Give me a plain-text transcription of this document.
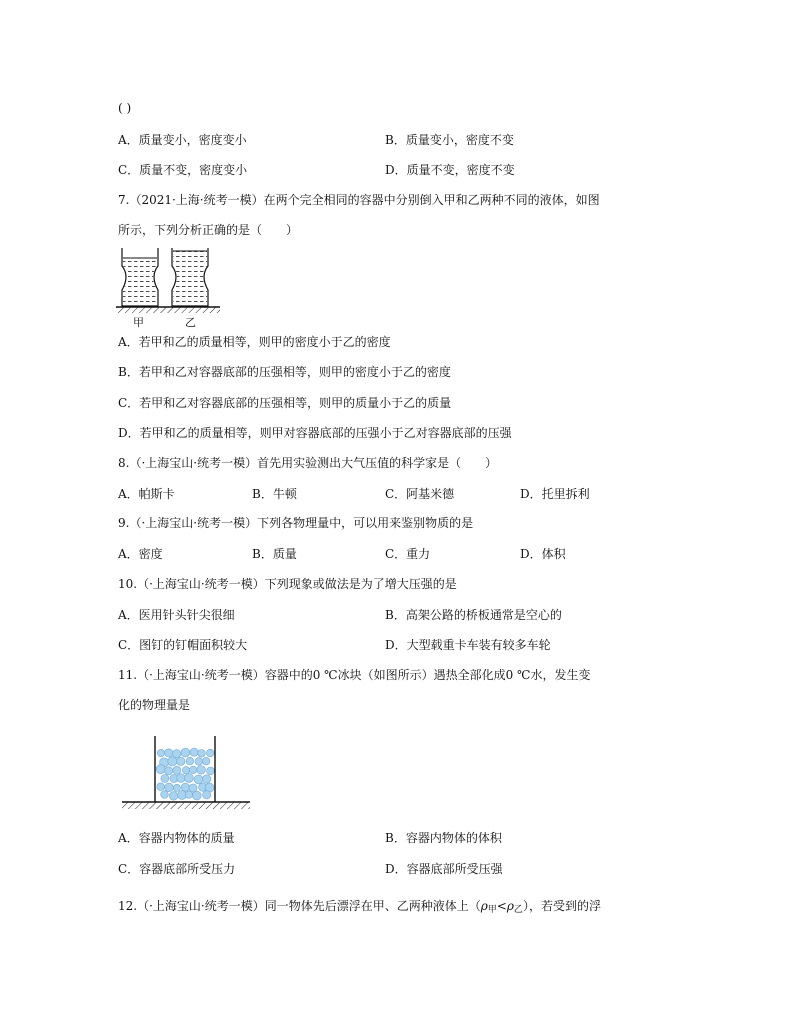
( )
A．质量变小，密度变小	B．质量变小，密度不变
C．质量不变，密度变小	D．质量不变，密度不变
7.（2021·上海·统考一模）在两个完全相同的容器中分别倒入甲和乙两种不同的液体，如图
所示，下列分析正确的是（　　）
甲	乙
A．若甲和乙的质量相等，则甲的密度小于乙的密度
B．若甲和乙对容器底部的压强相等，则甲的密度小于乙的密度
C．若甲和乙对容器底部的压强相等，则甲的质量小于乙的质量
D．若甲和乙的质量相等，则甲对容器底部的压强小于乙对容器底部的压强
8.（·上海宝山·统考一模）首先用实验测出大气压值的科学家是（　　）
A．帕斯卡	B．牛顿	C．阿基米德	D．托里拆利
9.（·上海宝山·统考一模）下列各物理量中，可以用来鉴别物质的是
A．密度	B．质量	C．重力	D．体积
10.（·上海宝山·统考一模）下列现象或做法是为了增大压强的是
A．医用针头针尖很细	B．高架公路的桥板通常是空心的
C．图钉的钉帽面积较大	D．大型载重卡车装有较多车轮
11.（·上海宝山·统考一模）容器中的0 ℃冰块（如图所示）遇热全部化成0 ℃水，发生变
化的物理量是
A．容器内物体的质量	B．容器内物体的体积
C．容器底部所受压力	D．容器底部所受压强
12.（·上海宝山·统考一模）同一物体先后漂浮在甲、乙两种液体上$(\rho_甲<\rho_乙)$，若受到的浮
